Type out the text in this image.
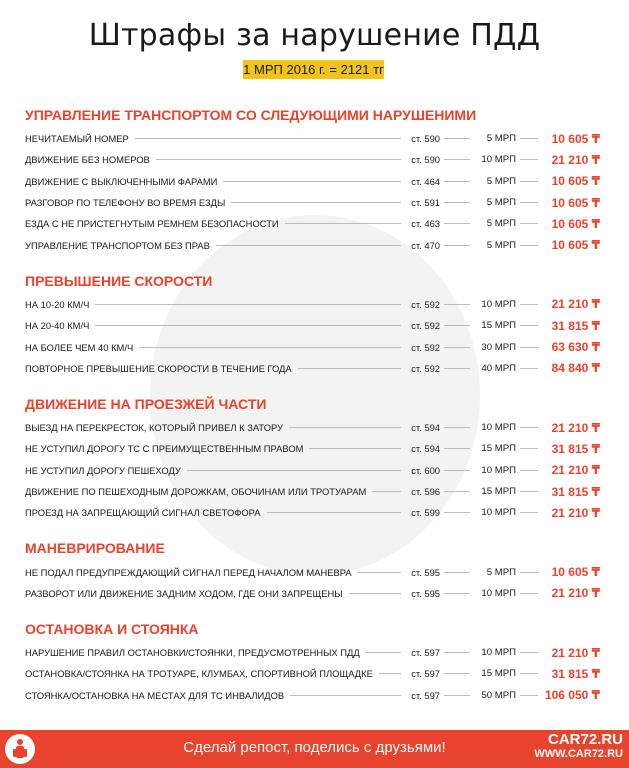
Штрафы за нарушение ПДД
1 МРП 2016 г. = 2121 тг
УПРАВЛЕНИЕ ТРАНСПОРТОМ СО СЛЕДУЮЩИМИ НАРУШЕНИМИ
НЕЧИТАЕМЫЙ НОМЕР	ст. 590	5 МРП	10 605 ₸
ДВИЖЕНИЕ БЕЗ НОМЕРОВ	ст. 590	10 МРП	21 210 ₸
ДВИЖЕНИЕ С ВЫКЛЮЧЕННЫМИ ФАРАМИ	ст. 464	5 МРП	10 605 ₸
РАЗГОВОР ПО ТЕЛЕФОНУ ВО ВРЕМЯ ЕЗДЫ	ст. 591	5 МРП	10 605 ₸
ЕЗДА С НЕ ПРИСТЕГНУТЫМ РЕМНЕМ БЕЗОПАСНОСТИ	ст. 463	5 МРП	10 605 ₸
УПРАВЛЕНИЕ ТРАНСПОРТОМ БЕЗ ПРАВ	ст. 470	5 МРП	10 605 ₸
ПРЕВЫШЕНИЕ СКОРОСТИ
НА 10-20 КМ/Ч	ст. 592	10 МРП	21 210 ₸
НА 20-40 КМ/Ч	ст. 592	15 МРП	31 815 ₸
НА БОЛЕЕ ЧЕМ 40 КМ/Ч	ст. 592	30 МРП	63 630 ₸
ПОВТОРНОЕ ПРЕВЫШЕНИЕ СКОРОСТИ В ТЕЧЕНИЕ ГОДА	ст. 592	40 МРП	84 840 ₸
ДВИЖЕНИЕ НА ПРОЕЗЖЕЙ ЧАСТИ
ВЫЕЗД НА ПЕРЕКРЕСТОК, КОТОРЫЙ ПРИВЕЛ К ЗАТОРУ	ст. 594	10 МРП	21 210 ₸
НЕ УСТУПИЛ ДОРОГУ ТС С ПРЕИМУЩЕСТВЕННЫМ ПРАВОМ	ст. 594	15 МРП	31 815 ₸
НЕ УСТУПИЛ ДОРОГУ ПЕШЕХОДУ	ст. 600	10 МРП	21 210 ₸
ДВИЖЕНИЕ ПО ПЕШЕХОДНЫМ ДОРОЖКАМ, ОБОЧИНАМ ИЛИ ТРОТУАРАМ	ст. 596	15 МРП	31 815 ₸
ПРОЕЗД НА ЗАПРЕЩАЮЩИЙ СИГНАЛ СВЕТОФОРА	ст. 599	10 МРП	21 210 ₸
МАНЕВРИРОВАНИЕ
НЕ ПОДАЛ ПРЕДУПРЕЖДАЮЩИЙ СИГНАЛ ПЕРЕД НАЧАЛОМ МАНЕВРА	ст. 595	5 МРП	10 605 ₸
РАЗВОРОТ ИЛИ ДВИЖЕНИЕ ЗАДНИМ ХОДОМ, ГДЕ ОНИ ЗАПРЕЩЕНЫ	ст. 595	10 МРП	21 210 ₸
ОСТАНОВКА И СТОЯНКА
НАРУШЕНИЕ ПРАВИЛ ОСТАНОВКИ/СТОЯНКИ, ПРЕДУСМОТРЕННЫХ ПДД	ст. 597	10 МРП	21 210 ₸
ОСТАНОВКА/СТОЯНКА НА ТРОТУАРЕ, КЛУМБАХ, СПОРТИВНОЙ ПЛОЩАДКЕ	ст. 597	15 МРП	31 815 ₸
СТОЯНКА/ОСТАНОВКА НА МЕСТАХ ДЛЯ ТС ИНВАЛИДОВ	ст. 597	50 МРП 106 050 ₸
Сделай репост, поделись с друзьями!	CAR72.RU
WWW.CAR72.RU
